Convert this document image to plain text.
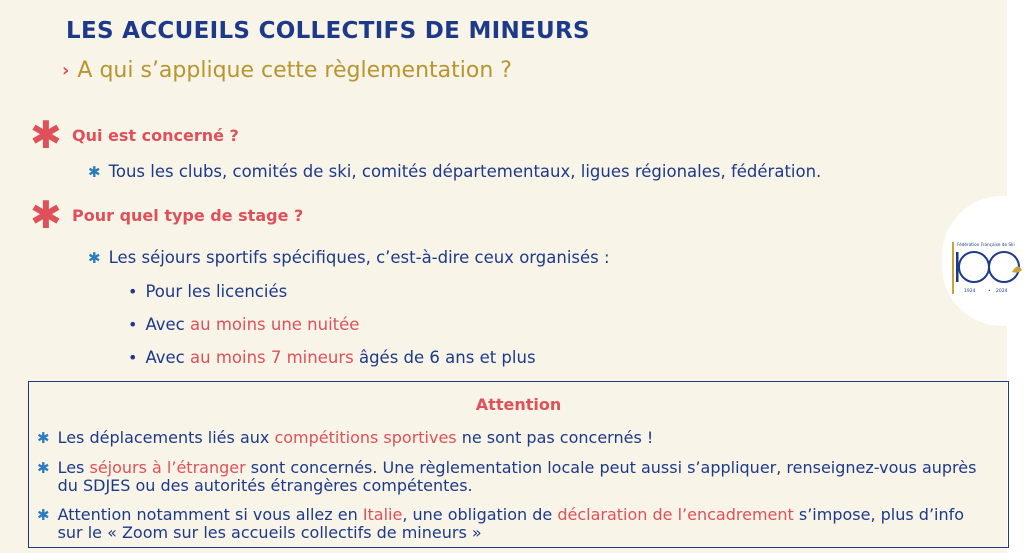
LES ACCUEILS COLLECTIFS DE MINEURS
› A qui s’applique cette règlementation ?
✱ Qui est concerné ?
✱ Tous les clubs, comités de ski, comités départementaux, ligues régionales, fédération.
✱ Pour quel type de stage ?
✱ Les séjours sportifs spécifiques, c’est-à-dire ceux organisés :
• Pour les licenciés
• Avec au moins une nuitée
• Avec au moins 7 mineurs âgés de 6 ans et plus
Attention
✱ Les déplacements liés aux compétitions sportives ne sont pas concernés !
✱ Les séjours à l’étranger sont concernés. Une règlementation locale peut aussi s’appliquer, renseignez-vous auprès du SDJES ou des autorités étrangères compétentes.
✱ Attention notamment si vous allez en Italie, une obligation de déclaration de l’encadrement s’impose, plus d’info sur le « Zoom sur les accueils collectifs de mineurs »
Fédération Française de Ski
1924	• 2024
